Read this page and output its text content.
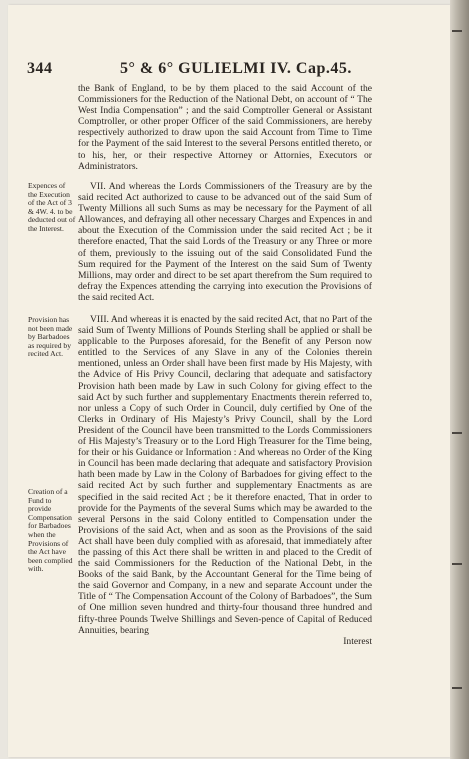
344	5° & 6° GULIELMI IV. Cap.45.

the Bank of England, to be by them placed to the said Account of the Commissioners for the Reduction of the National Debt, on account of “ The West India Compensation” ; and the said Comptroller General or Assistant Comptroller, or other proper Officer of the said Commissioners, are hereby respectively authorized to draw upon the said Account from Time to Time for the Payment of the said Interest to the several Persons entitled thereto, or to his, her, or their respective Attorney or Attornies, Executors or Administrators.

Expences of the Execution of the Act of 3 & 4W. 4. to be deducted out of the Interest.

VII. And whereas the Lords Commissioners of the Treasury are by the said recited Act authorized to cause to be advanced out of the said Sum of Twenty Millions all such Sums as may be necessary for the Payment of all Allowances, and defraying all other necessary Charges and Expences in and about the Execution of the Commission under the said recited Act ; be it therefore enacted, That the said Lords of the Treasury or any Three or more of them, previously to the issuing out of the said Consolidated Fund the Sum required for the Payment of the Interest on the said Sum of Twenty Millions, may order and direct to be set apart therefrom the Sum required to defray the Expences attending the carrying into execution the Provisions of the said recited Act.

Provision has not been made by Barbadoes as required by recited Act.
Creation of a Fund to provide Compensation for Barbadoes when the Provisions of the Act have been complied with.

VIII. And whereas it is enacted by the said recited Act, that no Part of the said Sum of Twenty Millions of Pounds Sterling shall be applied or shall be applicable to the Purposes aforesaid, for the Benefit of any Person now entitled to the Services of any Slave in any of the Colonies therein mentioned, unless an Order shall have been first made by His Majesty, with the Advice of His Privy Council, declaring that adequate and satisfactory Provision hath been made by Law in such Colony for giving effect to the said Act by such further and supplementary Enactments therein referred to, nor unless a Copy of such Order in Council, duly certified by One of the Clerks in Ordinary of His Majesty’s Privy Council, shall by the Lord President of the Council have been transmitted to the Lords Commissioners of His Majesty’s Treasury or to the Lord High Treasurer for the Time being, for their or his Guidance or Information : And whereas no Order of the King in Council has been made declaring that adequate and satisfactory Provision hath been made by Law in the Colony of Barbadoes for giving effect to the said recited Act by such further and supplementary Enactments as are specified in the said recited Act ; be it therefore enacted, That in order to provide for the Payments of the several Sums which may be awarded to the several Persons in the said Colony entitled to Compensation under the Provisions of the said Act, when and as soon as the Provisions of the said Act shall have been duly complied with as aforesaid, that immediately after the passing of this Act there shall be written in and placed to the Credit of the said Commissioners for the Reduction of the National Debt, in the Books of the said Bank, by the Accountant General for the Time being of the said Governor and Company, in a new and separate Account under the Title of “ The Compensation Account of the Colony of Barbadoes”, the Sum of One million seven hundred and thirty-four thousand three hundred and fifty-three Pounds Twelve Shillings and Seven-pence of Capital of Reduced Annuities, bearing

Interest
